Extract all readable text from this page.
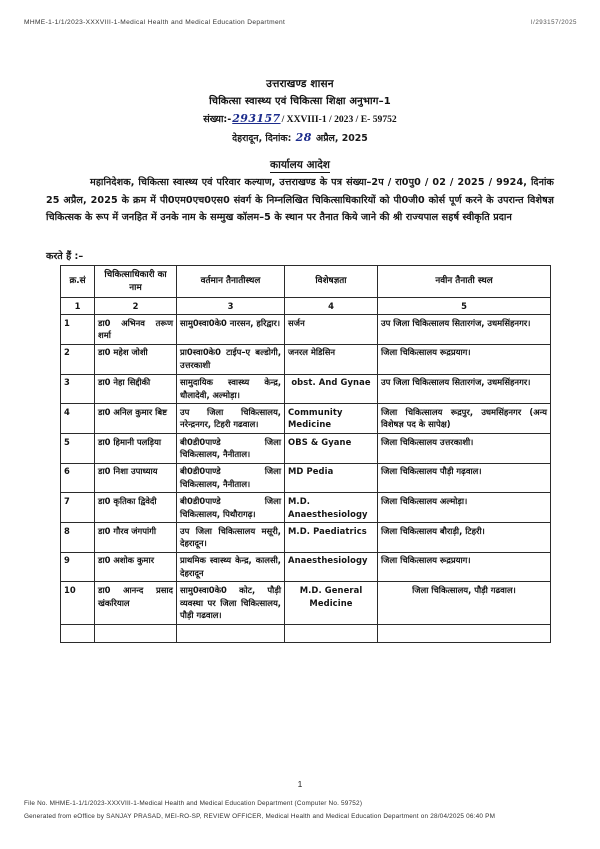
MHME-1-1/1/2023-XXXVIII-1-Medical Health and Medical Education Department	I/293157/2025
उत्तराखण्ड शासन
चिकित्सा स्वास्थ्य एवं चिकित्सा शिक्षा अनुभाग–1
संख्या:-293157/ XXVIII-1 / 2023 / E- 59752
देहरादून, दिनांक: 28 अप्रैल, 2025
कार्यालय आदेश
महानिदेशक, चिकित्सा स्वास्थ्य एवं परिवार कल्याण, उत्तराखण्ड के पत्र संख्या–2प / रा0पु0 / 02 / 2025 / 9924, दिनांक 25 अप्रैल, 2025 के क्रम में पी0एम0एच0एस0 संवर्ग के निम्नलिखित चिकित्साधिकारियों को पी0जी0 कोर्स पूर्ण करने के उपरान्त विशेषज्ञ चिकित्सक के रूप में जनहित में उनके नाम के सम्मुख कॉलम–5 के स्थान पर तैनात किये जाने की श्री राज्यपाल सहर्ष स्वीकृति प्रदान
करते हैं :–
क्र.सं	चिकित्साधिकारी का नाम	वर्तमान तैनातीस्थल	विशेषज्ञता	नवीन तैनाती स्थल
1	2	3	4	5
1	डा0 अभिनव तरूण शर्मा	सामु0स्वा0के0 नारसन, हरिद्वार।	सर्जन	उप जिला चिकित्सालय सितारगंज, उधमसिंहनगर।
2	डा0 महेश जोशी	प्रा0स्वा0के0 टाईप–ए बल्डोगी, उत्तरकाशी	जनरल मेडिसिन	जिला चिकित्सालय रूद्रप्रयाग।
3	डा0 नेहा सिद्दीकी	सामुदायिक स्वास्थ्य केन्द्र, धौलादेवी, अल्मोड़ा।	obst. And Gynae	उप जिला चिकित्सालय सितारगंज, उधमसिंहनगर।
4	डा0 अनिल कुमार बिष्ट	उप जिला चिकित्सालय, नरेन्द्रनगर, टिहरी गढवाल।	Community Medicine	जिला चिकित्सालय रूद्रपुर, उधमसिंहनगर (अन्य विशेषज्ञ पद के सापेक्ष)
5	डा0 हिमानी पलड़िया	बी0डी0पाण्डे जिला चिकित्सालय, नैनीताल।	OBS & Gyane	जिला चिकित्सालय उत्तरकाशी।
6	डा0 निशा उपाध्याय	बी0डी0पाण्डे जिला चिकित्सालय, नैनीताल।	MD Pedia	जिला चिकित्सालय पौड़ी गढ़वाल।
7	डा0 कृतिका द्विवेदी	बी0डी0पाण्डे जिला चिकित्सालय, पिथौरागढ़।	M.D. Anaesthesiology	जिला चिकित्सालय अल्मोड़ा।
8	डा0 गौरव जंगपांगी	उप जिला चिकित्सालय मसूरी, देहरादून।	M.D. Paediatrics	जिला चिकित्सालय बौराड़ी, टिहरी।
9	डा0 अशोक कुमार	प्राथमिक स्वास्थ्य केन्द्र, कालसी, देहरादून	Anaesthesiology	जिला चिकित्सालय रूद्रप्रयाग।
10	डा0 आनन्द प्रसाद खंकरियाल	सामु0स्वा0के0 कोट, पौड़ी व्यवस्था पर जिला चिकित्सालय, पौड़ी गढवाल।	M.D. General Medicine	जिला चिकित्सालय, पौड़ी गढवाल।

1
File No. MHME-1-1/1/2023-XXXVIII-1-Medical Health and Medical Education Department (Computer No. 59752)
Generated from eOffice by SANJAY PRASAD, MEI-RO-SP, REVIEW OFFICER, Medical Health and Medical Education Department on 28/04/2025 06:40 PM
